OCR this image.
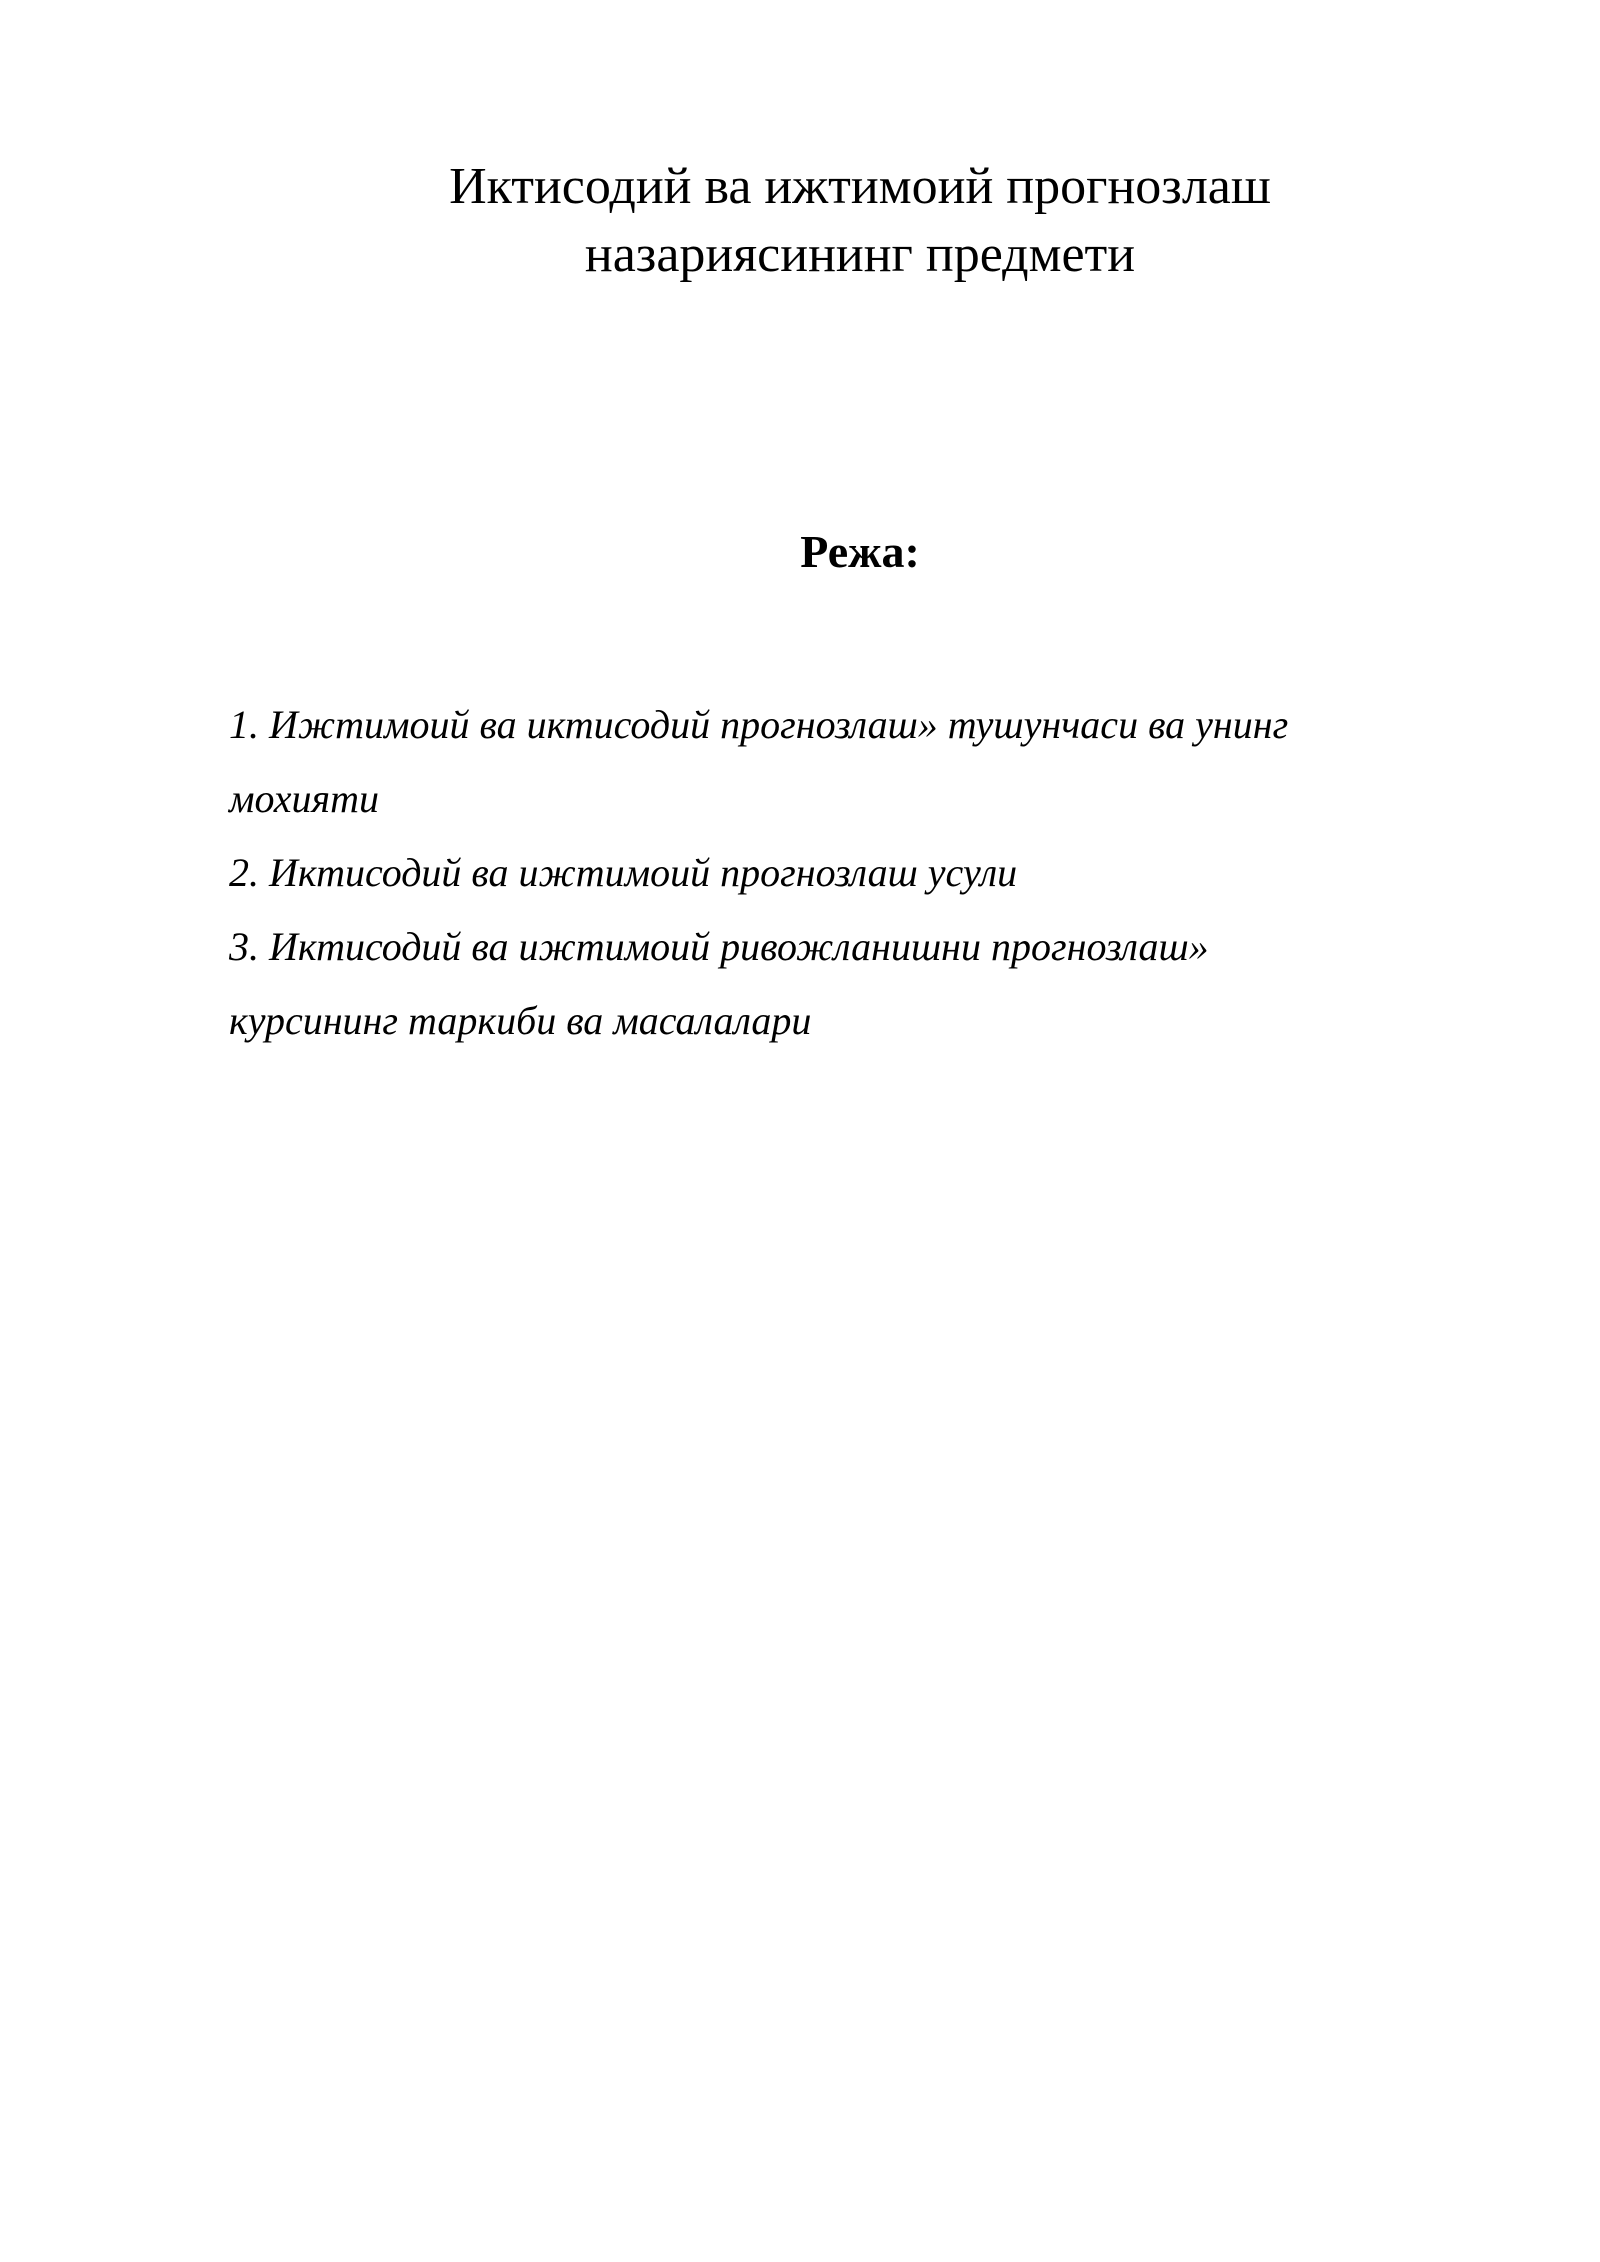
Иктисодий ва ижтимоий прогнозлаш
назариясининг предмети
Режа:
1. Ижтимоий ва иктисодий прогнозлаш» тушунчаси ва унинг
мохияти
2. Иктисодий ва ижтимоий прогнозлаш усули
3. Иктисодий ва ижтимоий ривожланишни прогнозлаш»
курсининг таркиби ва масалалари
